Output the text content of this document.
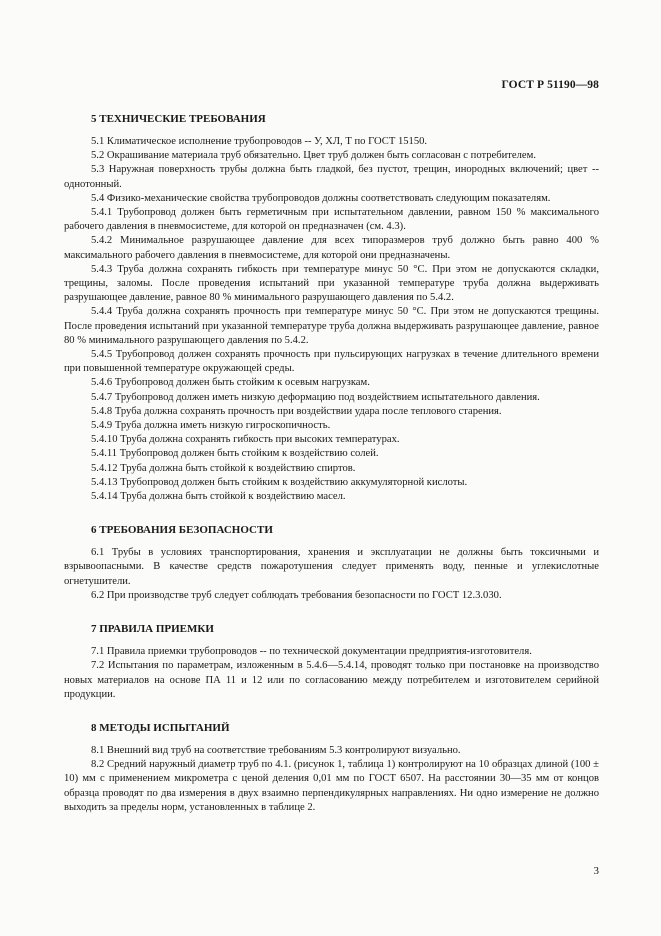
ГОСТ Р 51190—98
5 ТЕХНИЧЕСКИЕ ТРЕБОВАНИЯ

5.1 Климатическое исполнение трубопроводов -- У, ХЛ, Т по ГОСТ 15150.

5.2 Окрашивание материала труб обязательно. Цвет труб должен быть согласован с потребителем.

5.3 Наружная поверхность трубы должна быть гладкой, без пустот, трещин, инородных включений; цвет -- однотонный.

5.4 Физико-механические свойства трубопроводов должны соответствовать следующим показателям.

5.4.1 Трубопровод должен быть герметичным при испытательном давлении, равном 150 % максимального рабочего давления в пневмосистеме, для которой он предназначен (см. 4.3).

5.4.2 Минимальное разрушающее давление для всех типоразмеров труб должно быть равно 400 % максимального рабочего давления в пневмосистеме, для которой они предназначены.

5.4.3 Труба должна сохранять гибкость при температуре минус 50 °С. При этом не допускаются складки, трещины, заломы. После проведения испытаний при указанной температуре труба должна выдерживать разрушающее давление, равное 80 % минимального разрушающего давления по 5.4.2.

5.4.4 Труба должна сохранять прочность при температуре минус 50 °С. При этом не допускаются трещины. После проведения испытаний при указанной температуре труба должна выдерживать разрушающее давление, равное 80 % минимального разрушающего давления по 5.4.2.

5.4.5 Трубопровод должен сохранять прочность при пульсирующих нагрузках в течение длительного времени при повышенной температуре окружающей среды.

5.4.6 Трубопровод должен быть стойким к осевым нагрузкам.

5.4.7 Трубопровод должен иметь низкую деформацию под воздействием испытательного давления.

5.4.8 Труба должна сохранять прочность при воздействии удара после теплового старения.

5.4.9 Труба должна иметь низкую гигроскопичность.

5.4.10 Труба должна сохранять гибкость при высоких температурах.

5.4.11 Трубопровод должен быть стойким к воздействию солей.

5.4.12 Труба должна быть стойкой к воздействию спиртов.

5.4.13 Трубопровод должен быть стойким к воздействию аккумуляторной кислоты.

5.4.14 Труба должна быть стойкой к воздействию масел.

6 ТРЕБОВАНИЯ БЕЗОПАСНОСТИ

6.1 Трубы в условиях транспортирования, хранения и эксплуатации не должны быть токсичными и взрывоопасными. В качестве средств пожаротушения следует применять воду, пенные и углекислотные огнетушители.

6.2 При производстве труб следует соблюдать требования безопасности по ГОСТ 12.3.030.

7 ПРАВИЛА ПРИЕМКИ

7.1 Правила приемки трубопроводов -- по технической документации предприятия-изготовителя.

7.2 Испытания по параметрам, изложенным в 5.4.6—5.4.14, проводят только при постановке на производство новых материалов на основе ПА 11 и 12 или по согласованию между потребителем и изготовителем серийной продукции.

8 МЕТОДЫ ИСПЫТАНИЙ

8.1 Внешний вид труб на соответствие требованиям 5.3 контролируют визуально.

8.2 Средний наружный диаметр труб по 4.1. (рисунок 1, таблица 1) контролируют на 10 образцах длиной (100 ± 10) мм с применением микрометра с ценой деления 0,01 мм по ГОСТ 6507. На расстоянии 30—35 мм от концов образца проводят по два измерения в двух взаимно перпендикулярных направлениях. Ни одно измерение не должно выходить за пределы норм, установленных в таблице 2.

3
